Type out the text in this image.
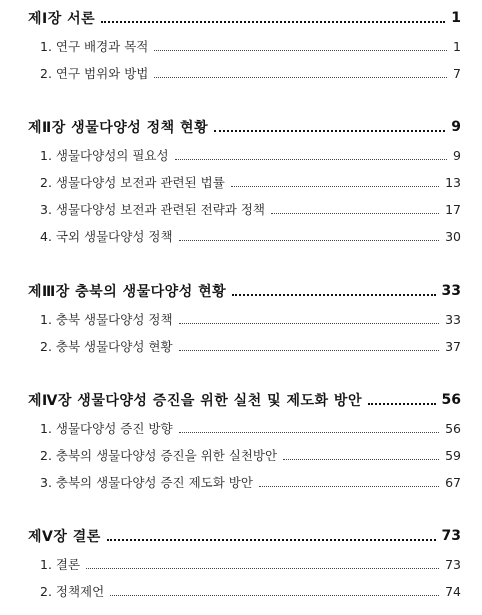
제Ⅰ장 서론	1
1. 연구 배경과 목적	1
2. 연구 범위와 방법	7
제Ⅱ장 생물다양성 정책 현황	9
1. 생물다양성의 필요성	9
2. 생물다양성 보전과 관련된 법률	13
3. 생물다양성 보전과 관련된 전략과 정책	17
4. 국외 생물다양성 정책	30
제Ⅲ장 충북의 생물다양성 현황	33
1. 충북 생물다양성 정책	33
2. 충북 생물다양성 현황	37
제Ⅳ장 생물다양성 증진을 위한 실천 및 제도화 방안	56
1. 생물다양성 증진 방향	56
2. 충북의 생물다양성 증진을 위한 실천방안	59
3. 충북의 생물다양성 증진 제도화 방안	67
제Ⅴ장 결론	73
1. 결론	73
2. 정책제언	74
